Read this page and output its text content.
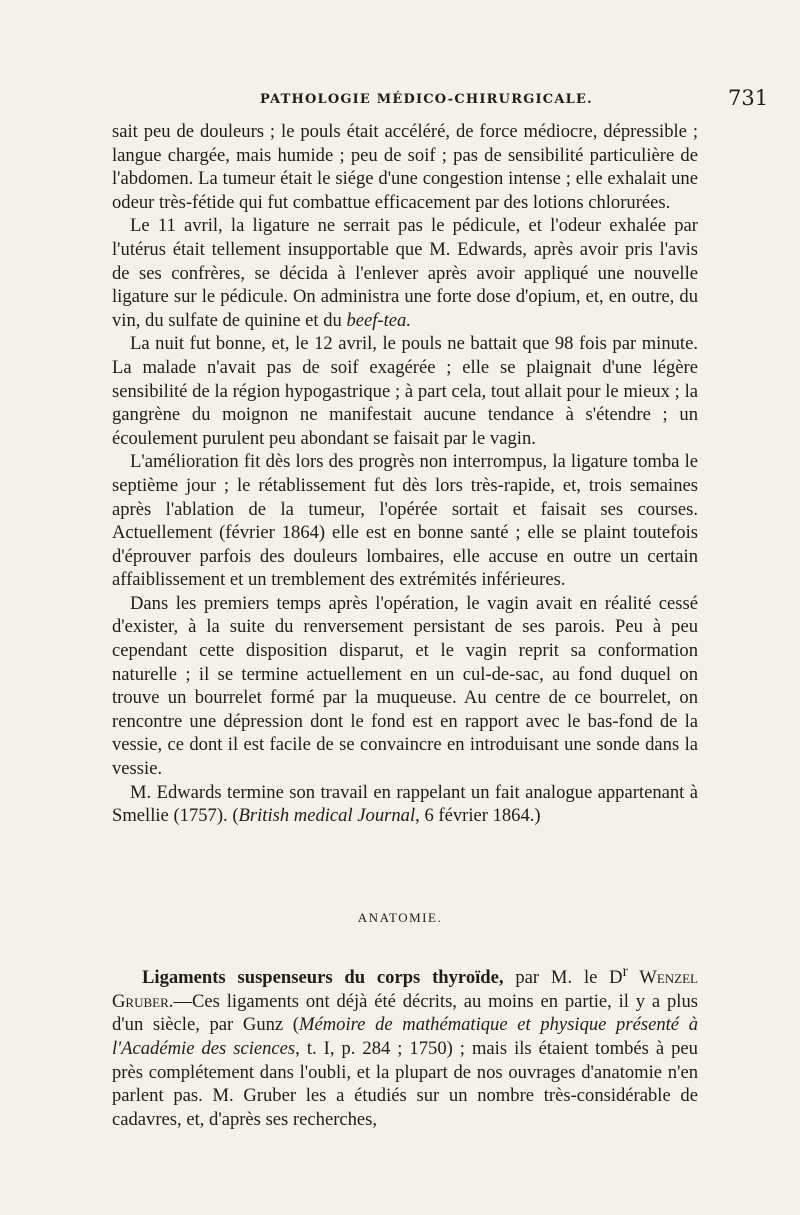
PATHOLOGIE MÉDICO-CHIRURGICALE.	731

sait peu de douleurs ; le pouls était accéléré, de force médiocre, dépressible ; langue chargée, mais humide ; peu de soif ; pas de sensibilité particulière de l'abdomen. La tumeur était le siége d'une congestion intense ; elle exhalait une odeur très-fétide qui fut combattue efficacement par des lotions chlorurées.

Le 11 avril, la ligature ne serrait pas le pédicule, et l'odeur exhalée par l'utérus était tellement insupportable que M. Edwards, après avoir pris l'avis de ses confrères, se décida à l'enlever après avoir appliqué une nouvelle ligature sur le pédicule. On administra une forte dose d'opium, et, en outre, du vin, du sulfate de quinine et du beef-tea.

La nuit fut bonne, et, le 12 avril, le pouls ne battait que 98 fois par minute. La malade n'avait pas de soif exagérée ; elle se plaignait d'une légère sensibilité de la région hypogastrique ; à part cela, tout allait pour le mieux ; la gangrène du moignon ne manifestait aucune tendance à s'étendre ; un écoulement purulent peu abondant se faisait par le vagin.

L'amélioration fit dès lors des progrès non interrompus, la ligature tomba le septième jour ; le rétablissement fut dès lors très-rapide, et, trois semaines après l'ablation de la tumeur, l'opérée sortait et faisait ses courses. Actuellement (février 1864) elle est en bonne santé ; elle se plaint toutefois d'éprouver parfois des douleurs lombaires, elle accuse en outre un certain affaiblissement et un tremblement des extrémités inférieures.

Dans les premiers temps après l'opération, le vagin avait en réalité cessé d'exister, à la suite du renversement persistant de ses parois. Peu à peu cependant cette disposition disparut, et le vagin reprit sa conformation naturelle ; il se termine actuellement en un cul-de-sac, au fond duquel on trouve un bourrelet formé par la muqueuse. Au centre de ce bourrelet, on rencontre une dépression dont le fond est en rapport avec le bas-fond de la vessie, ce dont il est facile de se convaincre en introduisant une sonde dans la vessie.

M. Edwards termine son travail en rappelant un fait analogue appartenant à Smellie (1757). (British medical Journal, 6 février 1864.)

ANATOMIE.

Ligaments suspenseurs du corps thyroïde, par M. le $D^r$ Wenzel Gruber.—Ces ligaments ont déjà été décrits, au moins en partie, il y a plus d'un siècle, par Gunz (Mémoire de mathématique et physique présenté à l'Académie des sciences, t. I, p. 284 ; 1750) ; mais ils étaient tombés à peu près complétement dans l'oubli, et la plupart de nos ouvrages d'anatomie n'en parlent pas. M. Gruber les a étudiés sur un nombre très-considérable de cadavres, et, d'après ses recherches,
